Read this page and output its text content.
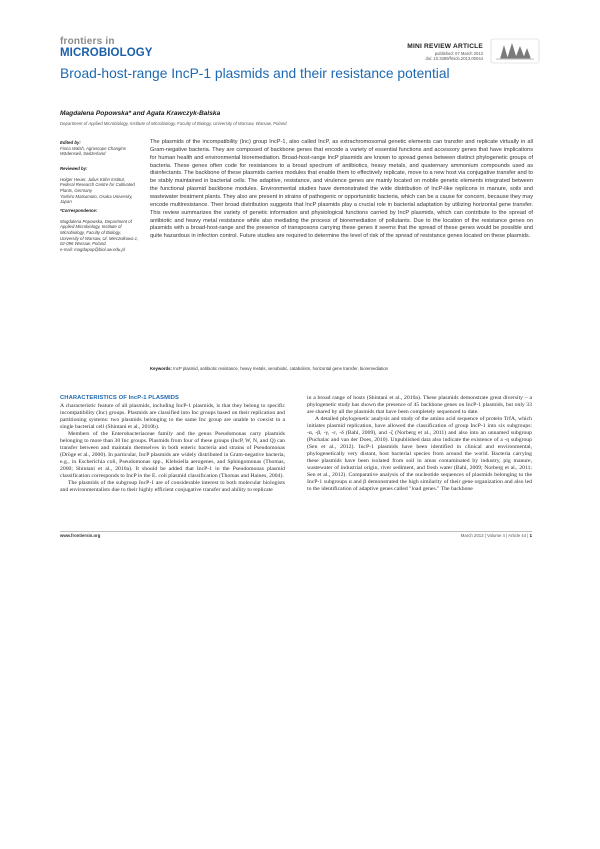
frontiers in
MICROBIOLOGY
MINI REVIEW ARTICLE
published: 07 March 2013
doi: 10.3389/fmicb.2013.00044
Broad-host-range IncP-1 plasmids and their resistance potential
Magdalena Popowska* and Agata Krawczyk-Balska
Department of Applied Microbiology, Institute of Microbiology, Faculty of Biology, University of Warsaw, Warsaw, Poland
Edited by:
Fiona Walsh, Agroscope Changins Wädenswil, Switzerland

Reviewed by:

Holger Heuer, Julius Kühn Institut, Federal Research Centre for Cultivated Plants, Germany
Yoshiro Matsumoto, Osaka University, Japan

*Correspondence:

Magdalena Popowska, Department of Applied Microbiology, Institute of Microbiology, Faculty of Biology, University of Warsaw, Ul. Miecznikowa 1, 02-096 Warsaw, Poland.
e-mail: magdapop@biol.uw.edu.pl

The plasmids of the incompatibility (Inc) group IncP-1, also called IncP, as extrachromosomal genetic elements can transfer and replicate virtually in all Gram-negative bacteria. They are composed of backbone genes that encode a variety of essential functions and accessory genes that have implications for human health and environmental bioremediation. Broad-host-range IncP plasmids are known to spread genes between distinct phylogenetic groups of bacteria. These genes often code for resistances to a broad spectrum of antibiotics, heavy metals, and quaternary ammonium compounds used as disinfectants. The backbone of these plasmids carries modules that enable them to effectively replicate, move to a new host via conjugative transfer and to be stably maintained in bacterial cells. The adaptive, resistance, and virulence genes are mainly located on mobile genetic elements integrated between the functional plasmid backbone modules. Environmental studies have demonstrated the wide distribution of IncP-like replicons in manure, soils and wastewater treatment plants. They also are present in strains of pathogenic or opportunistic bacteria, which can be a cause for concern, because they may encode multiresistance. Their broad distribution suggests that IncP plasmids play a crucial role in bacterial adaptation by utilizing horizontal gene transfer. This review summarizes the variety of genetic information and physiological functions carried by IncP plasmids, which can contribute to the spread of antibiotic and heavy metal resistance while also mediating the process of bioremediation of pollutants. Due to the location of the resistance genes on plasmids with a broad-host-range and the presence of transposons carrying these genes it seems that the spread of these genes would be possible and quite hazardous in infection control. Future studies are required to determine the level of risk of the spread of resistance genes located on these plasmids.
Keywords: IncP plasmid, antibiotic resistance, heavy metals, xenobiotic, catabolism, horizontal gene transfer, bioremediation
CHARACTERISTICS OF IncP-1 PLASMIDS

A characteristic feature of all plasmids, including IncP-1 plasmids, is that they belong to specific incompatibility (Inc) groups. Plasmids are classified into Inc groups based on their replication and partitioning systems: two plasmids belonging to the same Inc group are unable to coexist in a single bacterial cell (Shintani et al., 2010b).

Members of the Enterobacteriaceae family and the genus Pseudomonas carry plasmids belonging to more than 30 Inc groups. Plasmids from four of these groups (IncP, W, N, and Q) can transfer between and maintain themselves in both enteric bacteria and strains of Pseudomonas (Dröge et al., 2000). In particular, IncP plasmids are widely distributed in Gram-negative bacteria, e.g., in Escherichia coli, Pseudomonas spp., Klebsiella aerogenes, and Sphingomonas (Thomas, 2000; Shintani et al., 2010a). It should be added that IncP-1 in the Pseudomonas plasmid classification corresponds to IncP in the E. coli plasmid classification (Thomas and Haines, 2004).

The plasmids of the subgroup IncP-1 are of considerable interest to both molecular biologists and environmentalists due to their highly efficient conjugative transfer and ability to replicate

in a broad range of hosts (Shintani et al., 2010a). These plasmids demonstrate great diversity – a phylogenetic study has shown the presence of 45 backbone genes on IncP-1 plasmids, but only 33 are shared by all the plasmids that have been completely sequenced to date.

A detailed phylogenetic analysis and study of the amino acid sequence of protein TrfA, which initiates plasmid replication, have allowed the classification of group IncP-1 into six subgroups: -α, -β, -γ, -ε, -δ (Bahl, 2009), and -ζ (Norberg et al., 2011) and also into an unnamed subgroup (Puchalac and van der Does, 2010). Unpublished data also indicate the existence of a -η subgroup (Sen et al., 2012). IncP-1 plasmids have been identified in clinical and environmental, phylogenetically very distant, host bacterial species from around the world. Bacteria carrying these plasmids have been isolated from soil in areas contaminated by industry, pig manure, wastewater of industrial origin, river sediment, and fresh water (Bahl, 2009; Norberg et al., 2011; Sen et al., 2012). Comparative analysis of the nucleotide sequences of plasmids belonging to the IncP-1 subgroups α and β demonstrated the high similarity of their gene organization and also led to the identification of adaptive genes called "load genes." The backbone

www.frontiersin.org	March 2013 | Volume 4 | Article 44 | 1
